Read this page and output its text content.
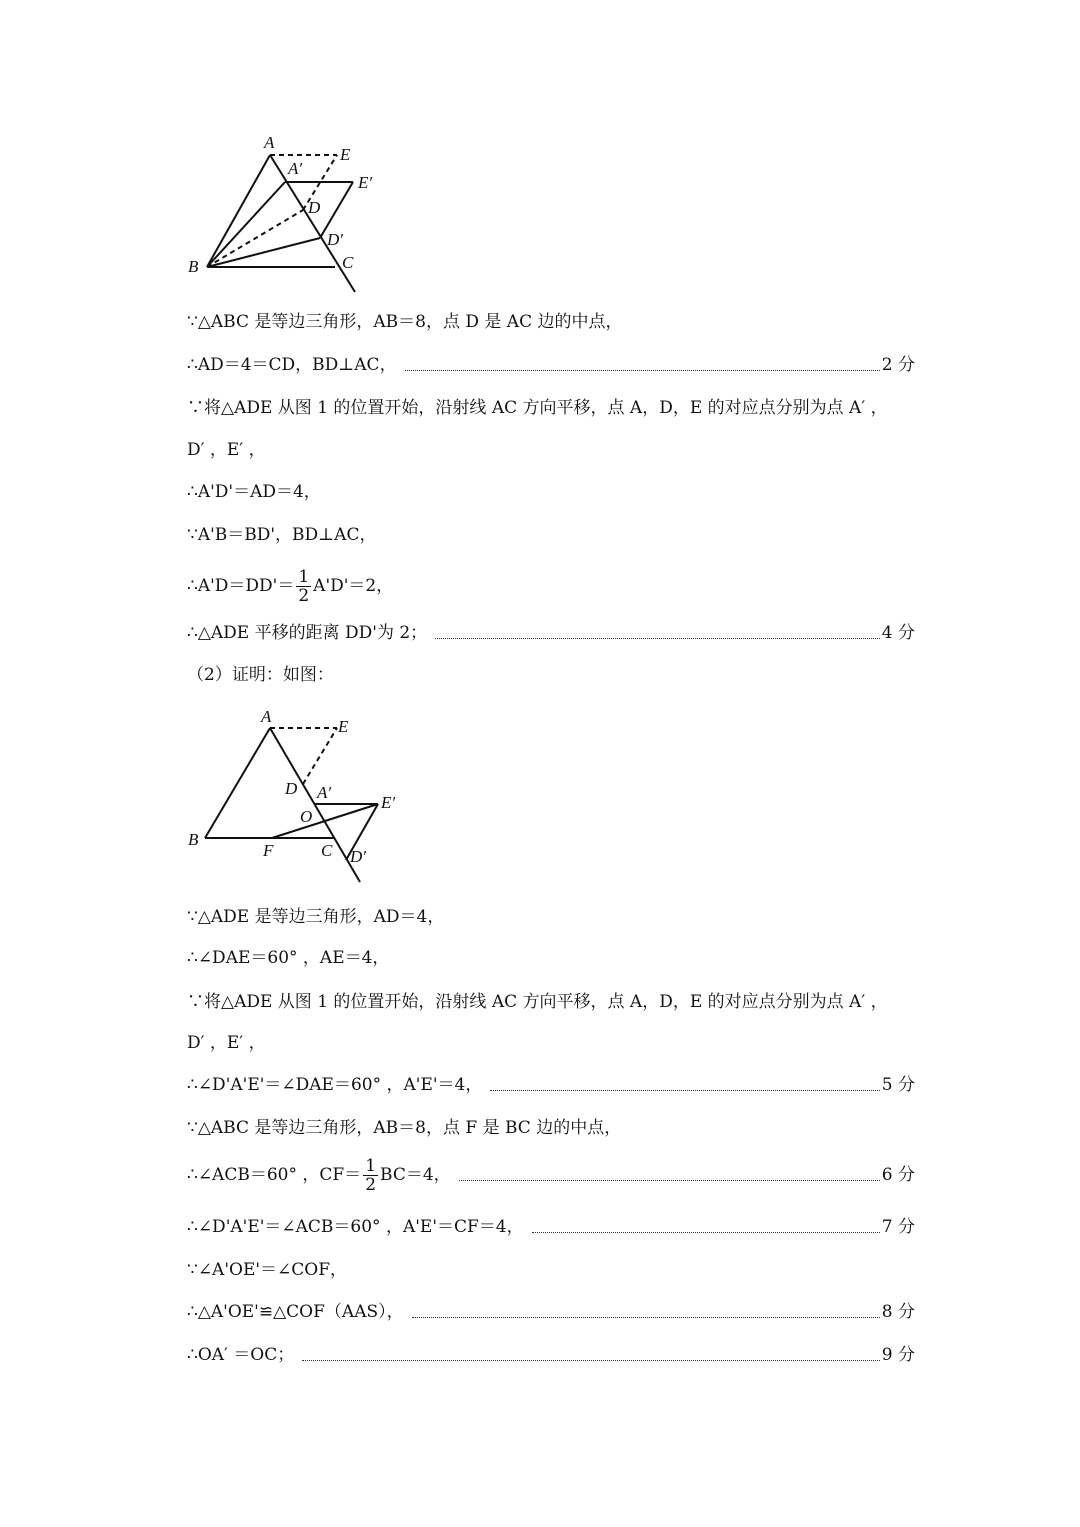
A
A′
E
E′
D
D′
B	C
A
E
D A′
E′
O
B
F	C D′
∵△ABC 是等边三角形，AB＝8，点 D 是 AC 边的中点，
∴AD＝4＝CD，BD⊥AC，	2 分
∵将△ADE 从图 1 的位置开始，沿射线 AC 方向平移，点 A，D，E 的对应点分别为点 A′ ，
D′ ，E′ ，
∴A'D'＝AD＝4，
∵A'B＝BD'，BD⊥AC，
∴A'D＝DD'＝ $\frac{1}{2} A'D'=2$，
∴△ADE 平移的距离 DD'为 2；	4 分
（2）证明：如图：
∵△ADE 是等边三角形，AD＝4，
∴∠DAE＝60° ，AE＝4，
∵将△ADE 从图 1 的位置开始，沿射线 AC 方向平移，点 A，D，E 的对应点分别为点 A′ ，
D′ ，E′ ，
∴∠D'A'E'＝∠DAE＝60° ，A'E'＝4，	5 分
∵△ABC 是等边三角形，AB＝8，点 F 是 BC 边的中点，
∴∠ACB＝60° ，$CF= \frac{1}{2} BC=4$，	6 分
∴∠D'A'E'＝∠ACB＝60° ，A'E'＝CF＝4，	7 分
∵∠A'OE'＝∠COF，
∴△A'OE'≌△COF（AAS），	8 分
∴OA′ ＝OC；	9 分
